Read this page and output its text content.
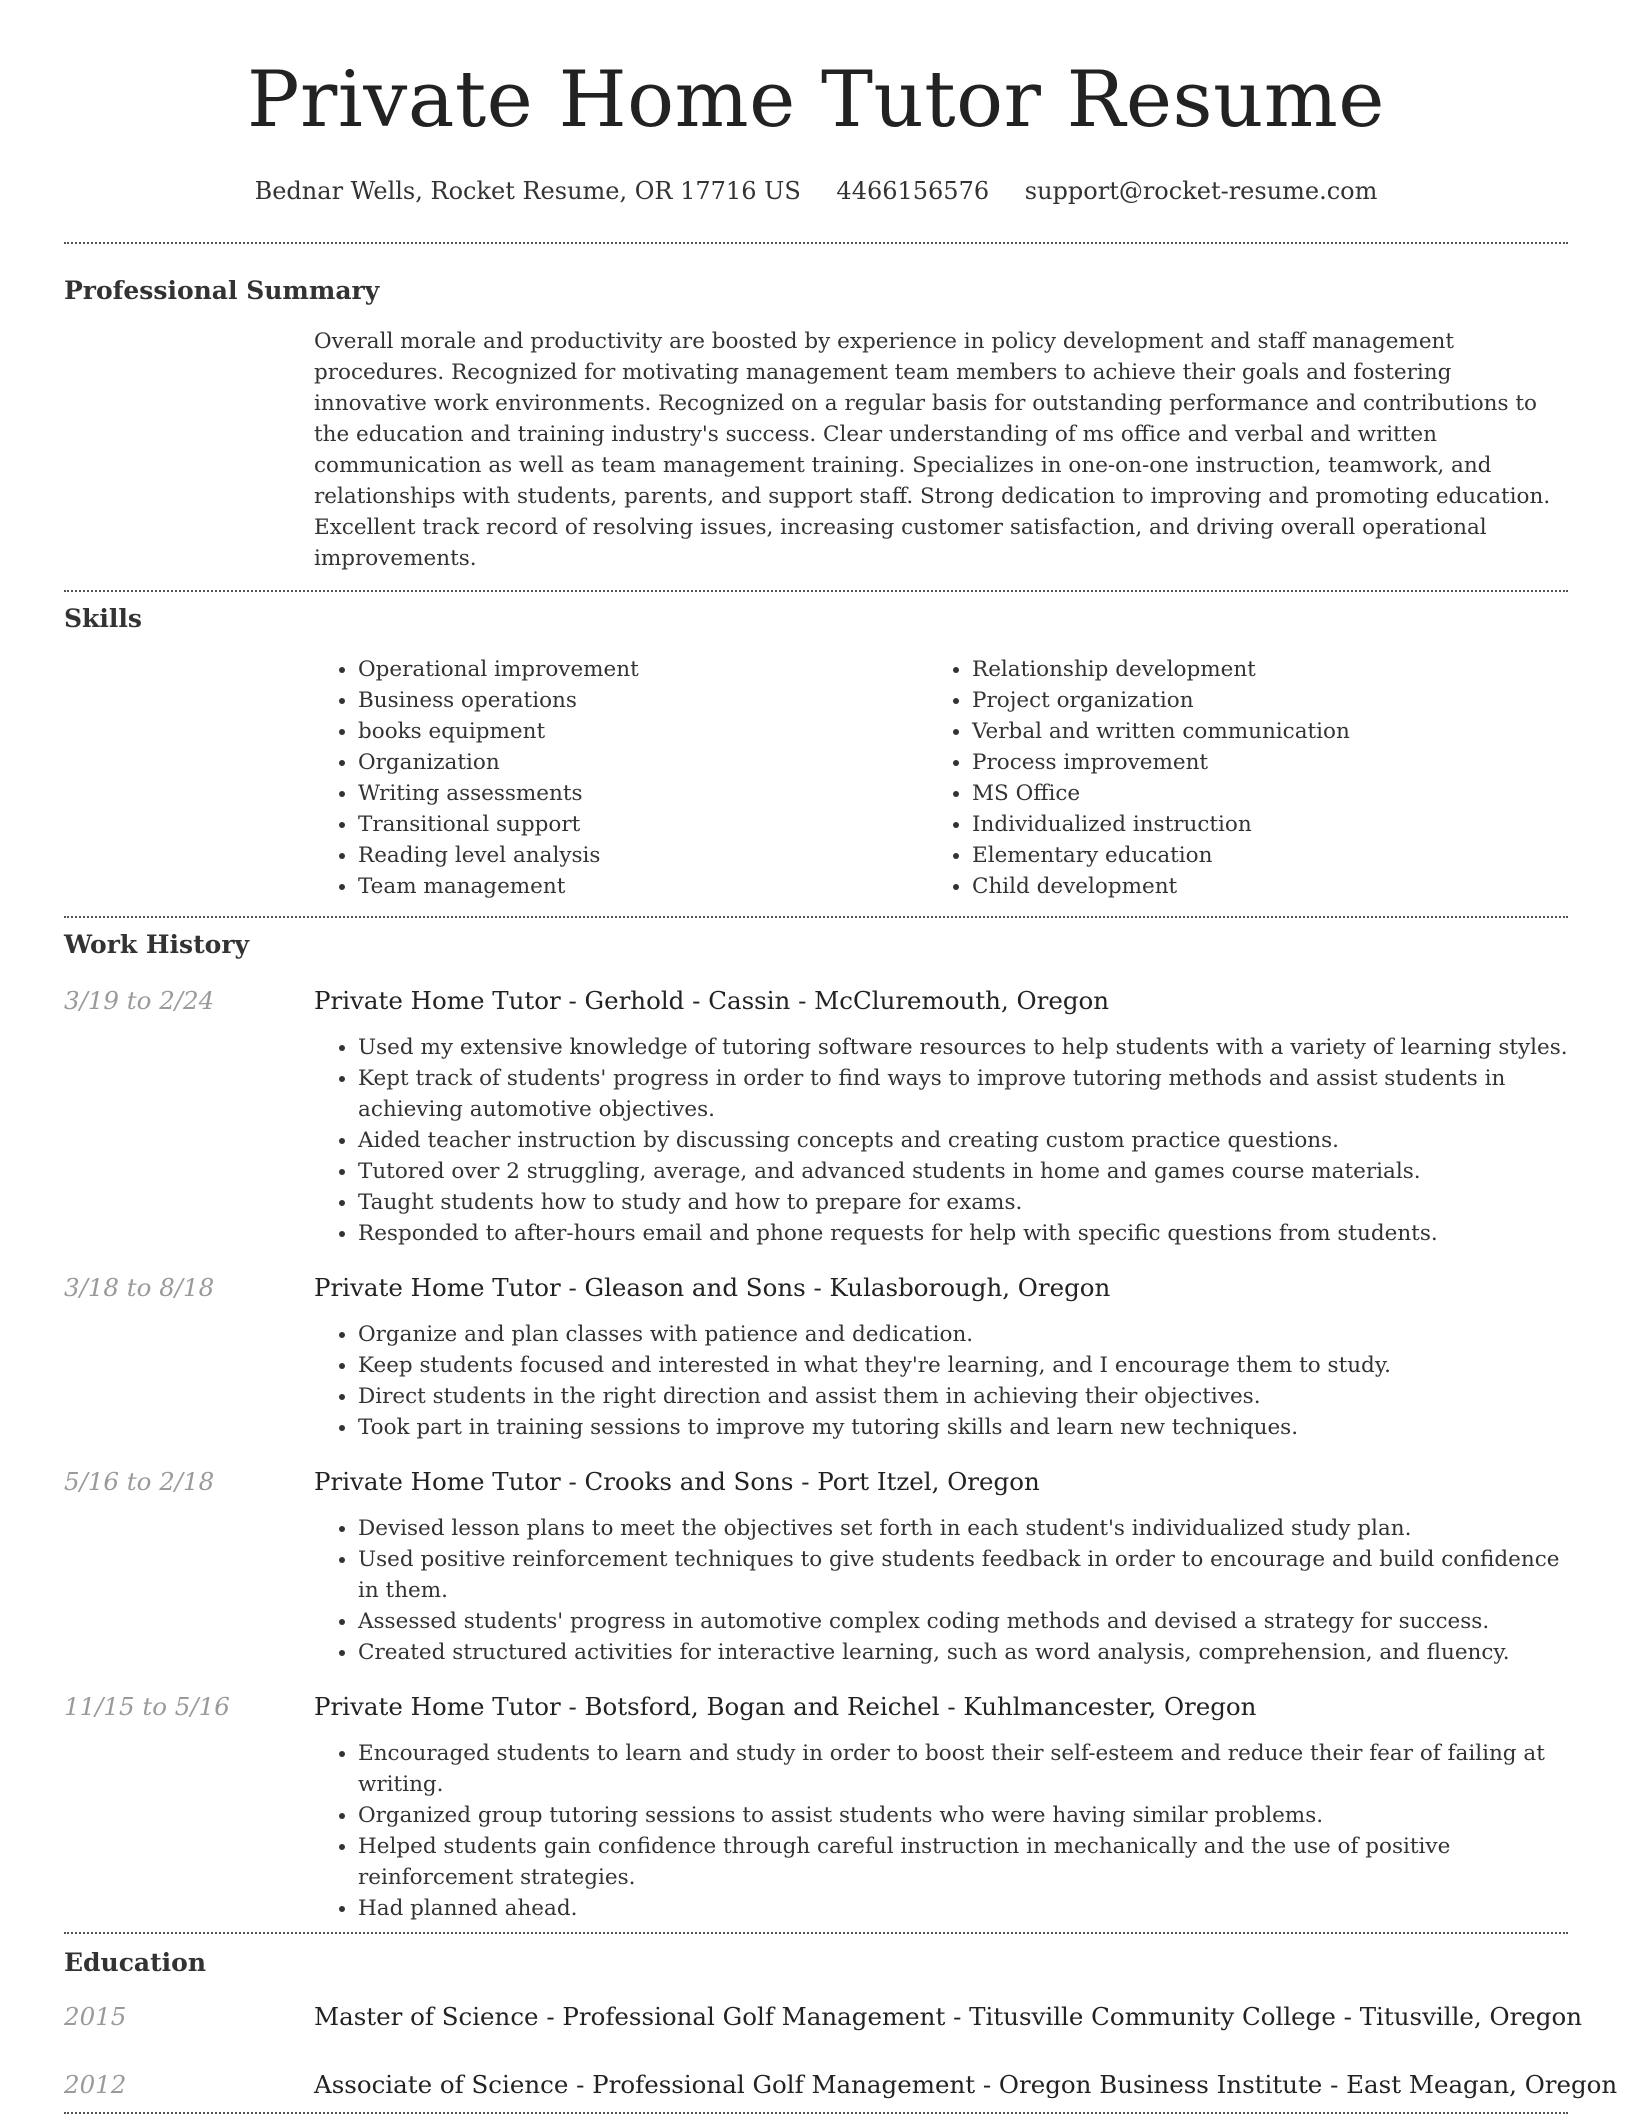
Private Home Tutor Resume
Bednar Wells, Rocket Resume, OR 17716 US 4466156576 support@rocket-resume.com
Professional Summary

Overall morale and productivity are boosted by experience in policy development and staff management procedures. Recognized for motivating management team members to achieve their goals and fostering innovative work environments. Recognized on a regular basis for outstanding performance and contributions to the education and training industry's success. Clear understanding of ms office and verbal and written communication as well as team management training. Specializes in one-on-one instruction, teamwork, and relationships with students, parents, and support staff. Strong dedication to improving and promoting education. Excellent track record of resolving issues, increasing customer satisfaction, and driving overall operational improvements.

Skills
• Operational improvement
• Business operations
• books equipment
• Organization
• Writing assessments
• Transitional support
• Reading level analysis
• Team management
• Relationship development
• Project organization
• Verbal and written communication
• Process improvement
• MS Office
• Individualized instruction
• Elementary education
• Child development
Work History
3/19 to 2/24	Private Home Tutor - Gerhold - Cassin - McCluremouth, Oregon
• Used my extensive knowledge of tutoring software resources to help students with a variety of learning styles.
• Kept track of students' progress in order to find ways to improve tutoring methods and assist students in achieving automotive objectives.
• Aided teacher instruction by discussing concepts and creating custom practice questions.
• Tutored over 2 struggling, average, and advanced students in home and games course materials.
• Taught students how to study and how to prepare for exams.
• Responded to after-hours email and phone requests for help with specific questions from students.
3/18 to 8/18	Private Home Tutor - Gleason and Sons - Kulasborough, Oregon
• Organize and plan classes with patience and dedication.
• Keep students focused and interested in what they're learning, and I encourage them to study.
• Direct students in the right direction and assist them in achieving their objectives.
• Took part in training sessions to improve my tutoring skills and learn new techniques.
5/16 to 2/18	Private Home Tutor - Crooks and Sons - Port Itzel, Oregon
• Devised lesson plans to meet the objectives set forth in each student's individualized study plan.
• Used positive reinforcement techniques to give students feedback in order to encourage and build confidence in them.
• Assessed students' progress in automotive complex coding methods and devised a strategy for success.
• Created structured activities for interactive learning, such as word analysis, comprehension, and fluency.
11/15 to 5/16	Private Home Tutor - Botsford, Bogan and Reichel - Kuhlmancester, Oregon
• Encouraged students to learn and study in order to boost their self-esteem and reduce their fear of failing at writing.
• Organized group tutoring sessions to assist students who were having similar problems.
• Helped students gain confidence through careful instruction in mechanically and the use of positive reinforcement strategies.
• Had planned ahead.
Education
2015	Master of Science - Professional Golf Management - Titusville Community College - Titusville, Oregon
2012	Associate of Science - Professional Golf Management - Oregon Business Institute - East Meagan, Oregon
